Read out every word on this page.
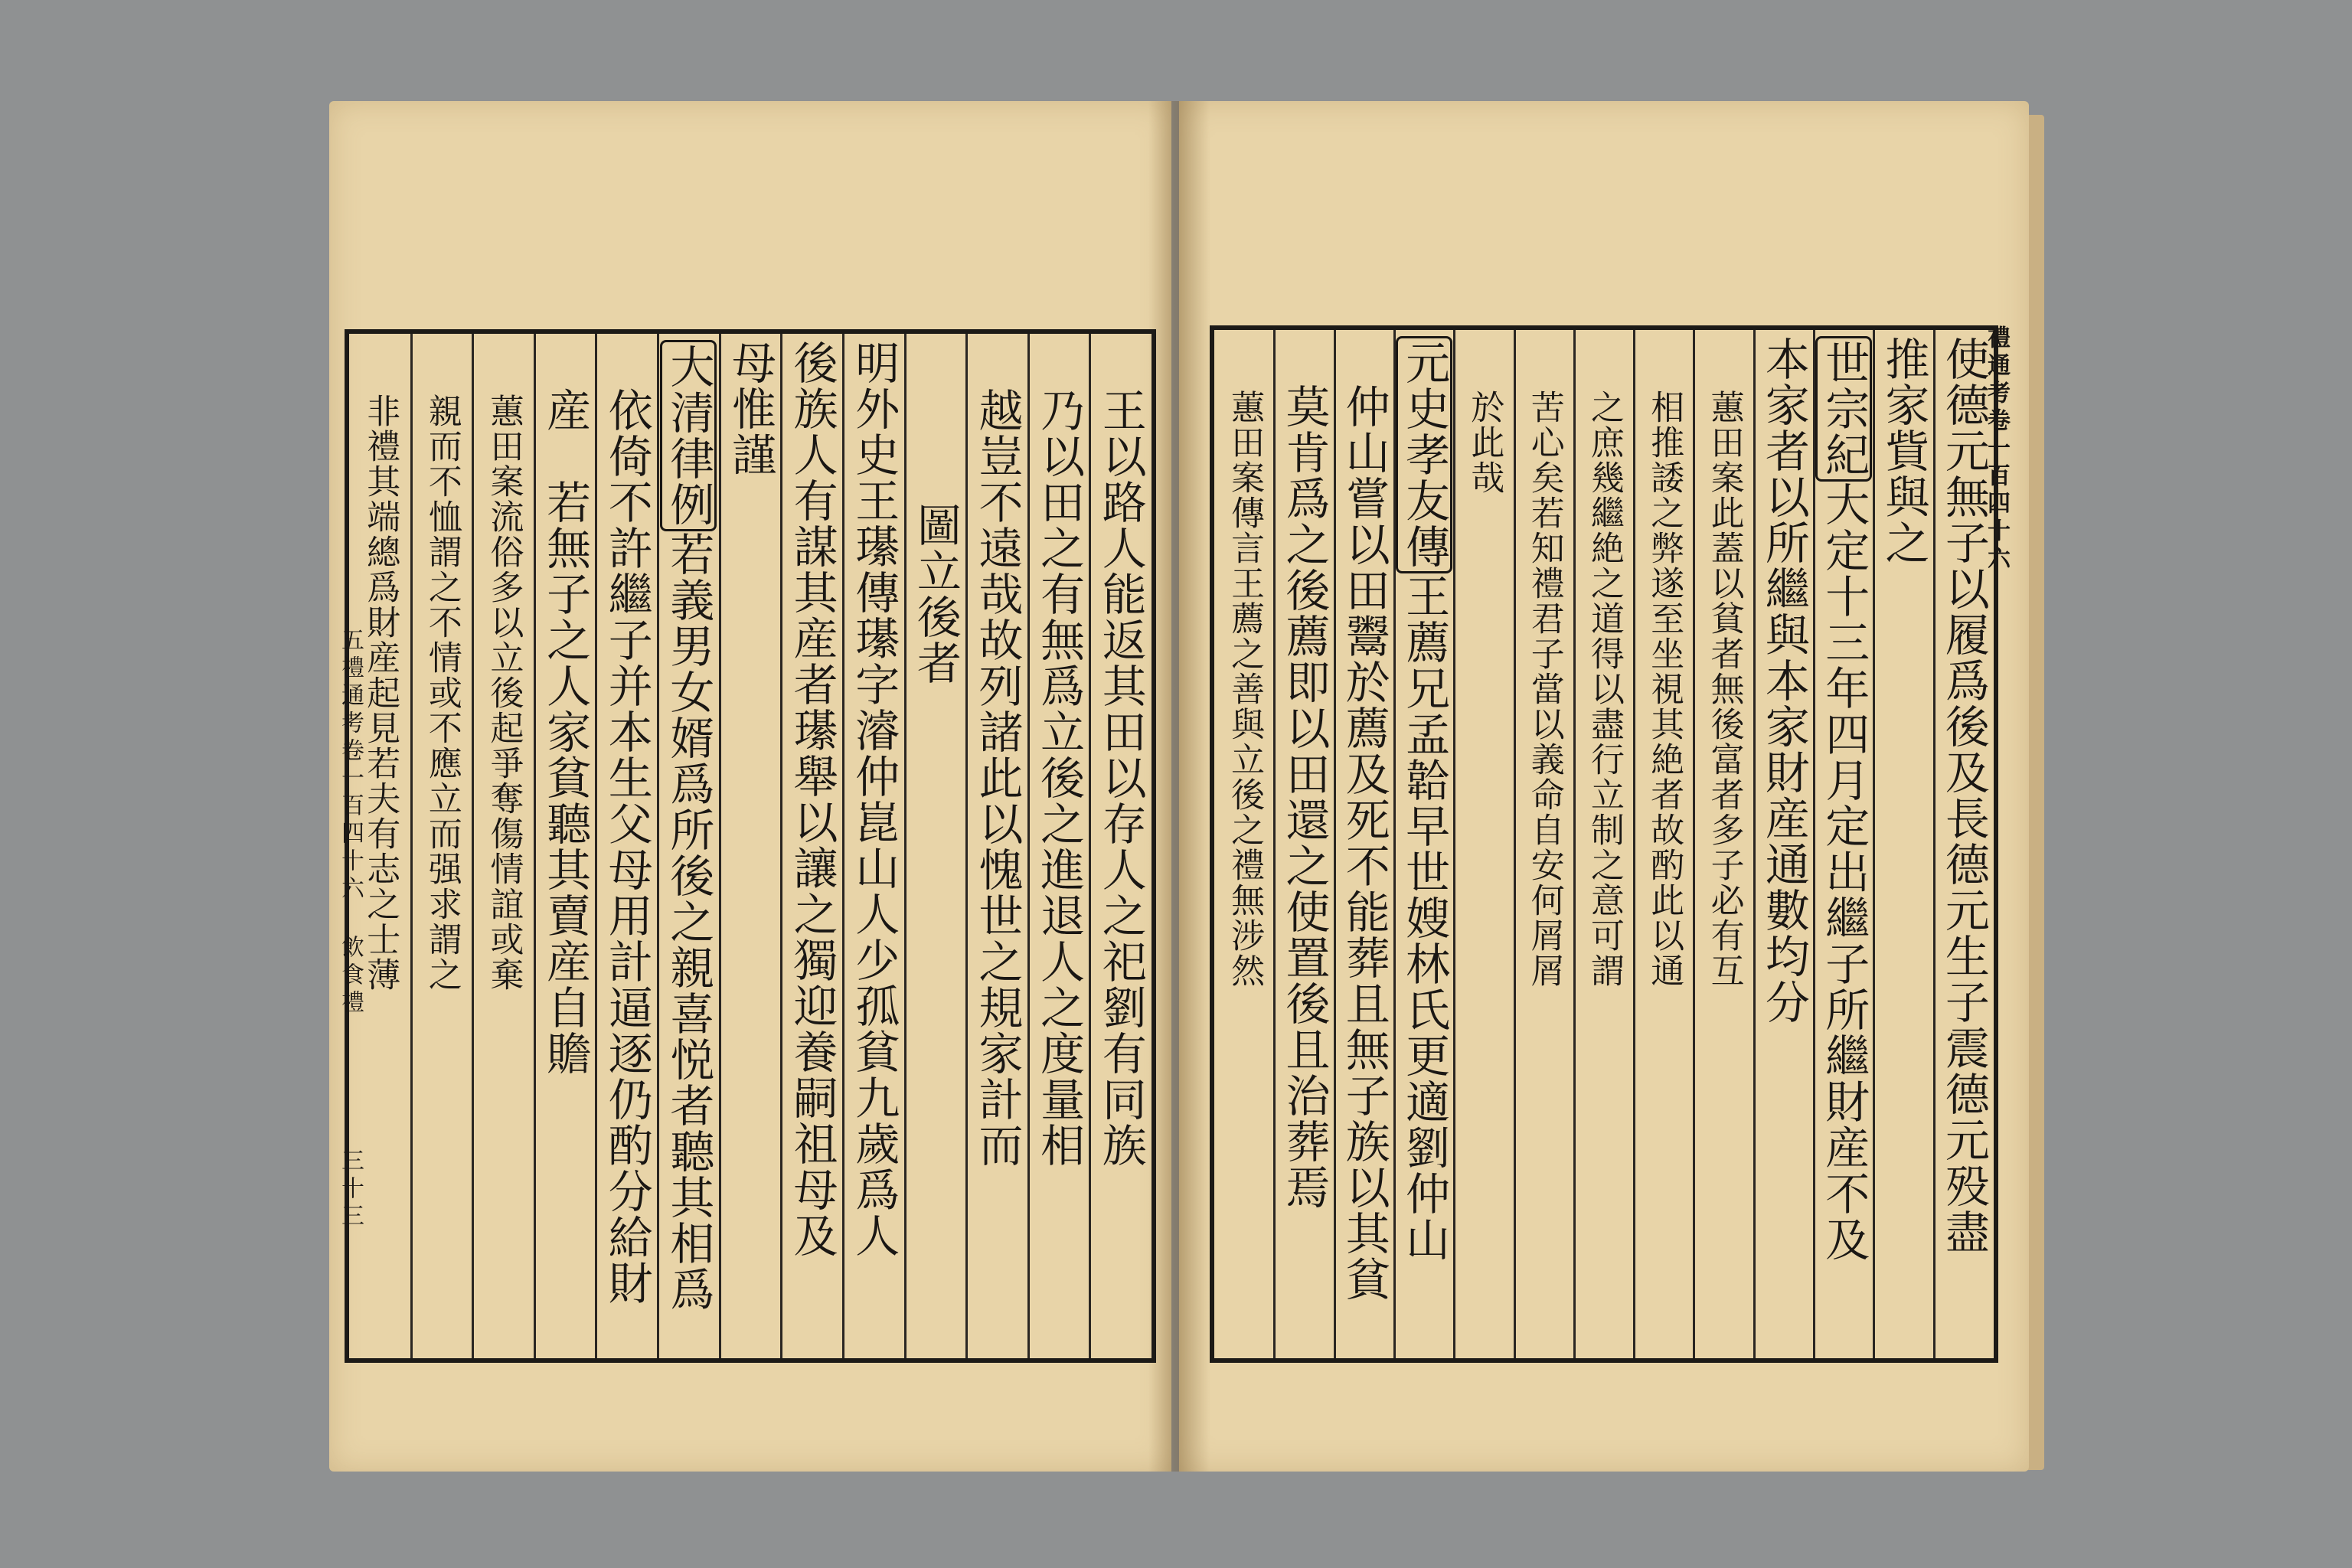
五禮通考卷一百四十六 飲食禮
三十三
禮通考卷一百四十六
王以路人能返其田以存人之祀劉有同族
乃以田之有無爲立後之進退人之度量相
越豈不遠哉故列諸此以愧世之規家計而
圖立後者
明外史王𤪌傳𤪌字濬仲崑山人少孤貧九歲爲人
後族人有謀其産者𤪌舉以讓之獨迎養嗣祖母及
母惟謹
大清律例若義男女婿爲所後之親喜悦者聽其相爲
依倚不許繼子并本生父母用計逼逐仍酌分給財
産　若無子之人家貧聽其賣産自贍
蕙田案流俗多以立後起爭奪傷情誼或棄
親而不恤謂之不情或不應立而强求謂之
非禮其端總爲財産起見若夫有志之士薄	使德元無子以履爲後及長德元生子震德元殁盡
推家貲與之
世宗紀大定十三年四月定出繼子所繼財産不及
本家者以所繼與本家財産通數均分
蕙田案此蓋以貧者無後富者多子必有互
相推諉之弊遂至坐視其絶者故酌此以通
之庶幾繼絶之道得以盡行立制之意可謂
苦心矣若知禮君子當以義命自安何屑屑
於此哉
元史孝友傳王薦兄孟韐早世嫂林氏更適劉仲山
仲山嘗以田鬻於薦及死不能葬且無子族以其貧
莫肯爲之後薦即以田還之使置後且治葬焉
蕙田案傳言王薦之善與立後之禮無涉然
